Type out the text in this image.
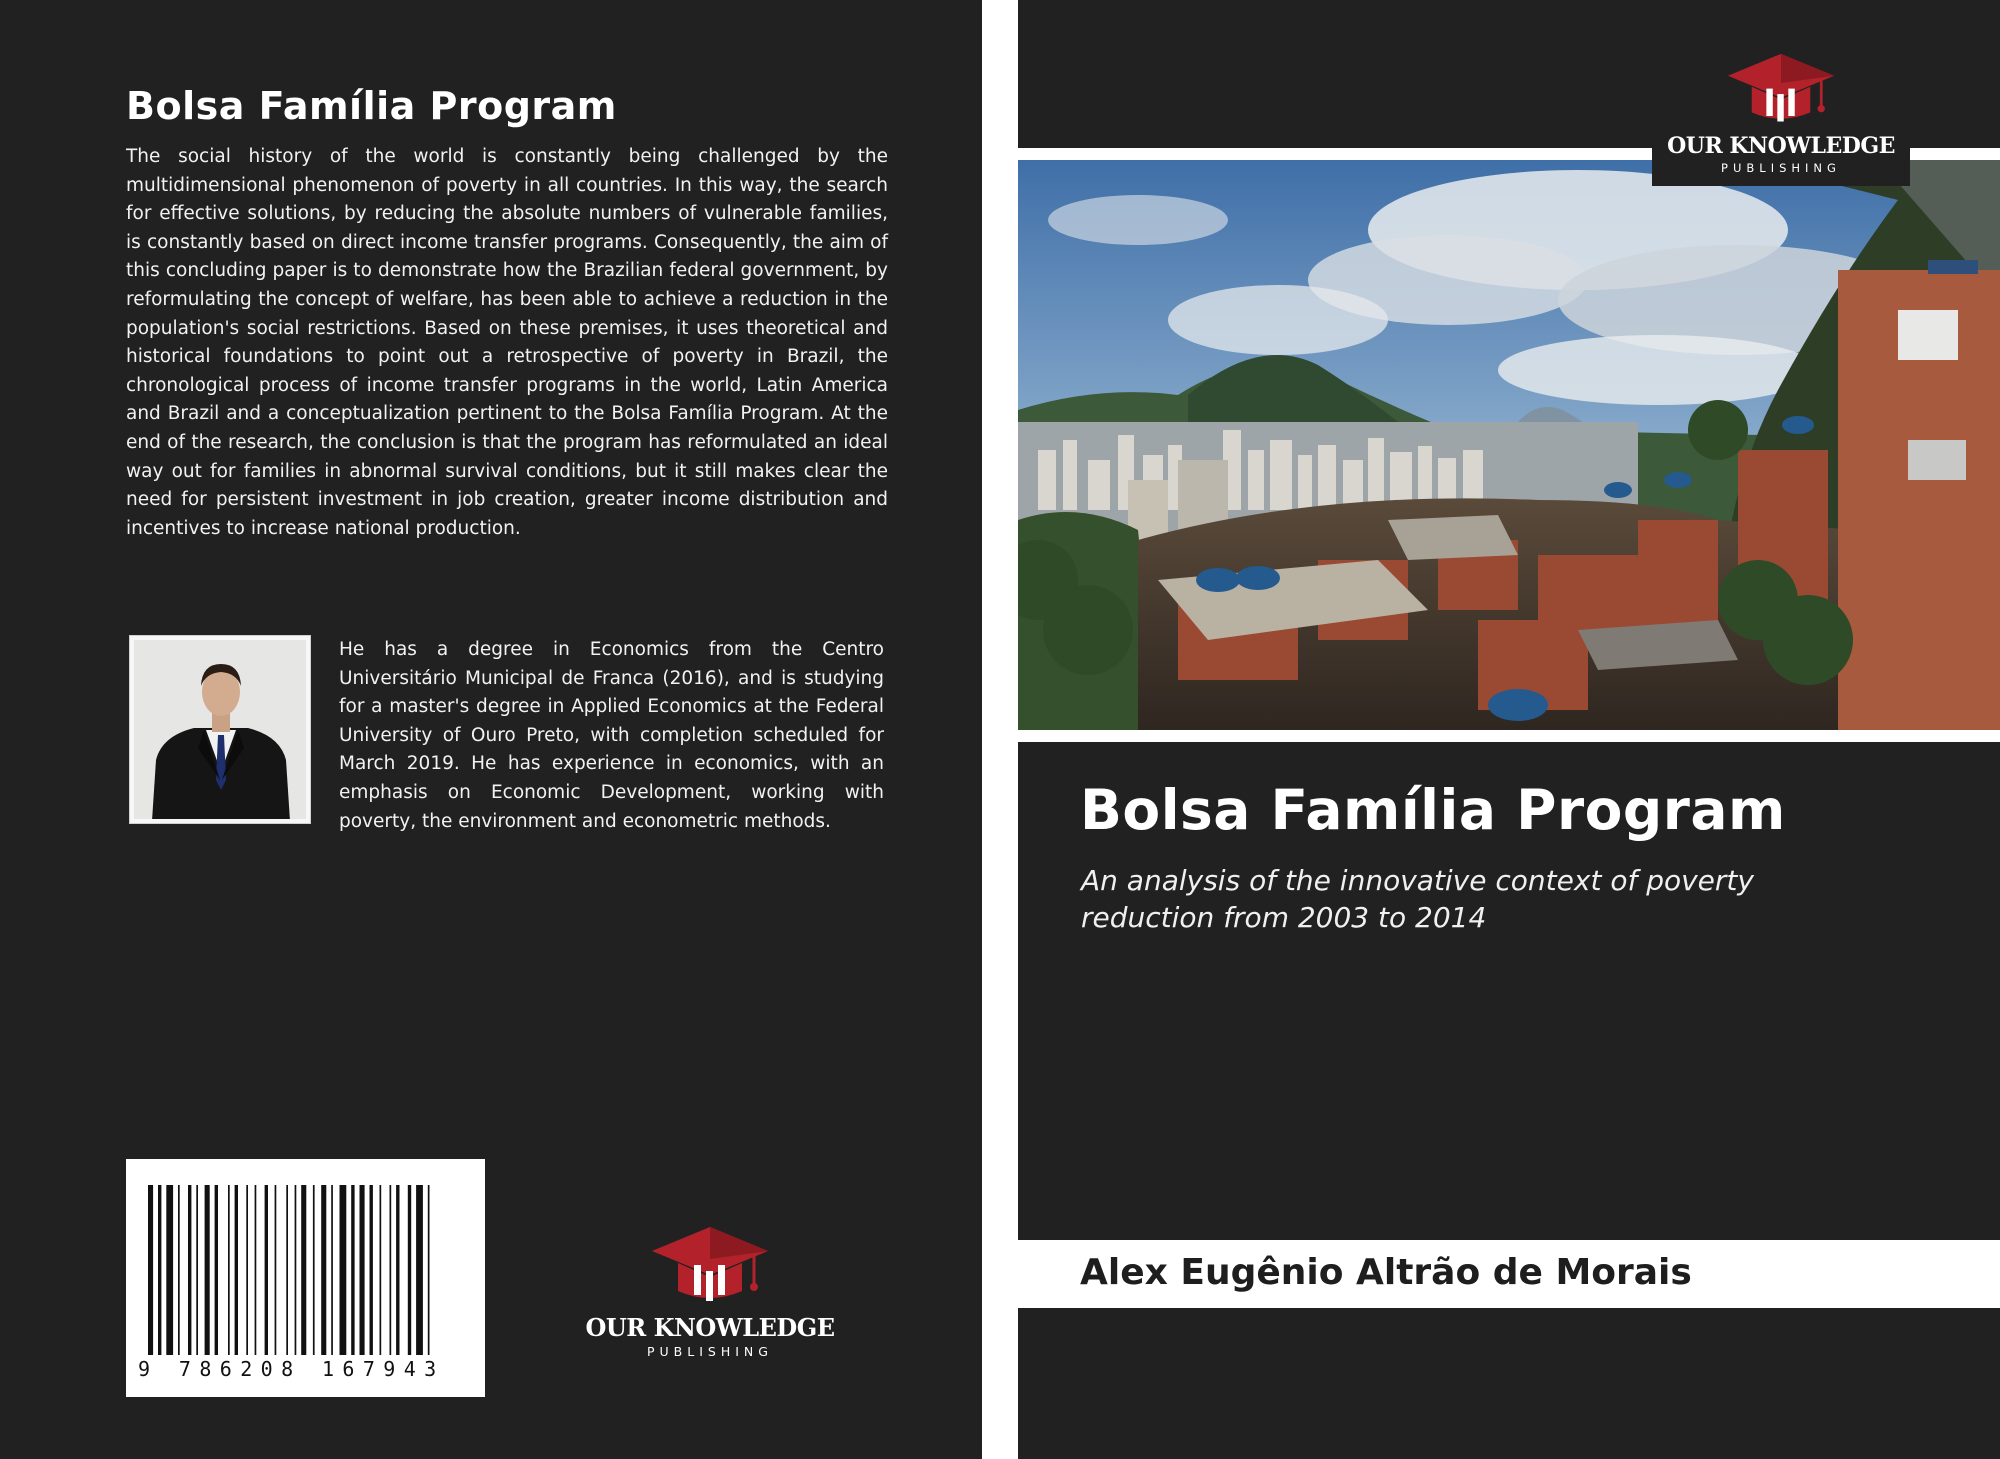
Bolsa Família Program

The social history of the world is constantly being challenged by the multidimensional phenomenon of poverty in all countries. In this way, the search for effective solutions, by reducing the absolute numbers of vulnerable families, is constantly based on direct income transfer programs. Consequently, the aim of this concluding paper is to demonstrate how the Brazilian federal government, by reformulating the concept of welfare, has been able to achieve a reduction in the population's social restrictions. Based on these premises, it uses theoretical and historical foundations to point out a retrospective of poverty in Brazil, the chronological process of income transfer programs in the world, Latin America and Brazil and a conceptualization pertinent to the Bolsa Família Program. At the end of the research, the conclusion is that the program has reformulated an ideal way out for families in abnormal survival conditions, but it still makes clear the need for persistent investment in job creation, greater income distribution and incentives to increase national production.

He has a degree in Economics from the Centro Universitário Municipal de Franca (2016), and is studying for a master's degree in Applied Economics at the Federal University of Ouro Preto, with completion scheduled for March 2019. He has experience in economics, with an emphasis on Economic Development, working with poverty, the environment and econometric methods.

9 786208 167943
OUR KNOWLEDGE
PUBLISHING
OUR KNOWLEDGE
PUBLISHING
Bolsa Família Program

An analysis of the innovative context of poverty reduction from 2003 to 2014

Alex Eugênio Altrão de Morais
